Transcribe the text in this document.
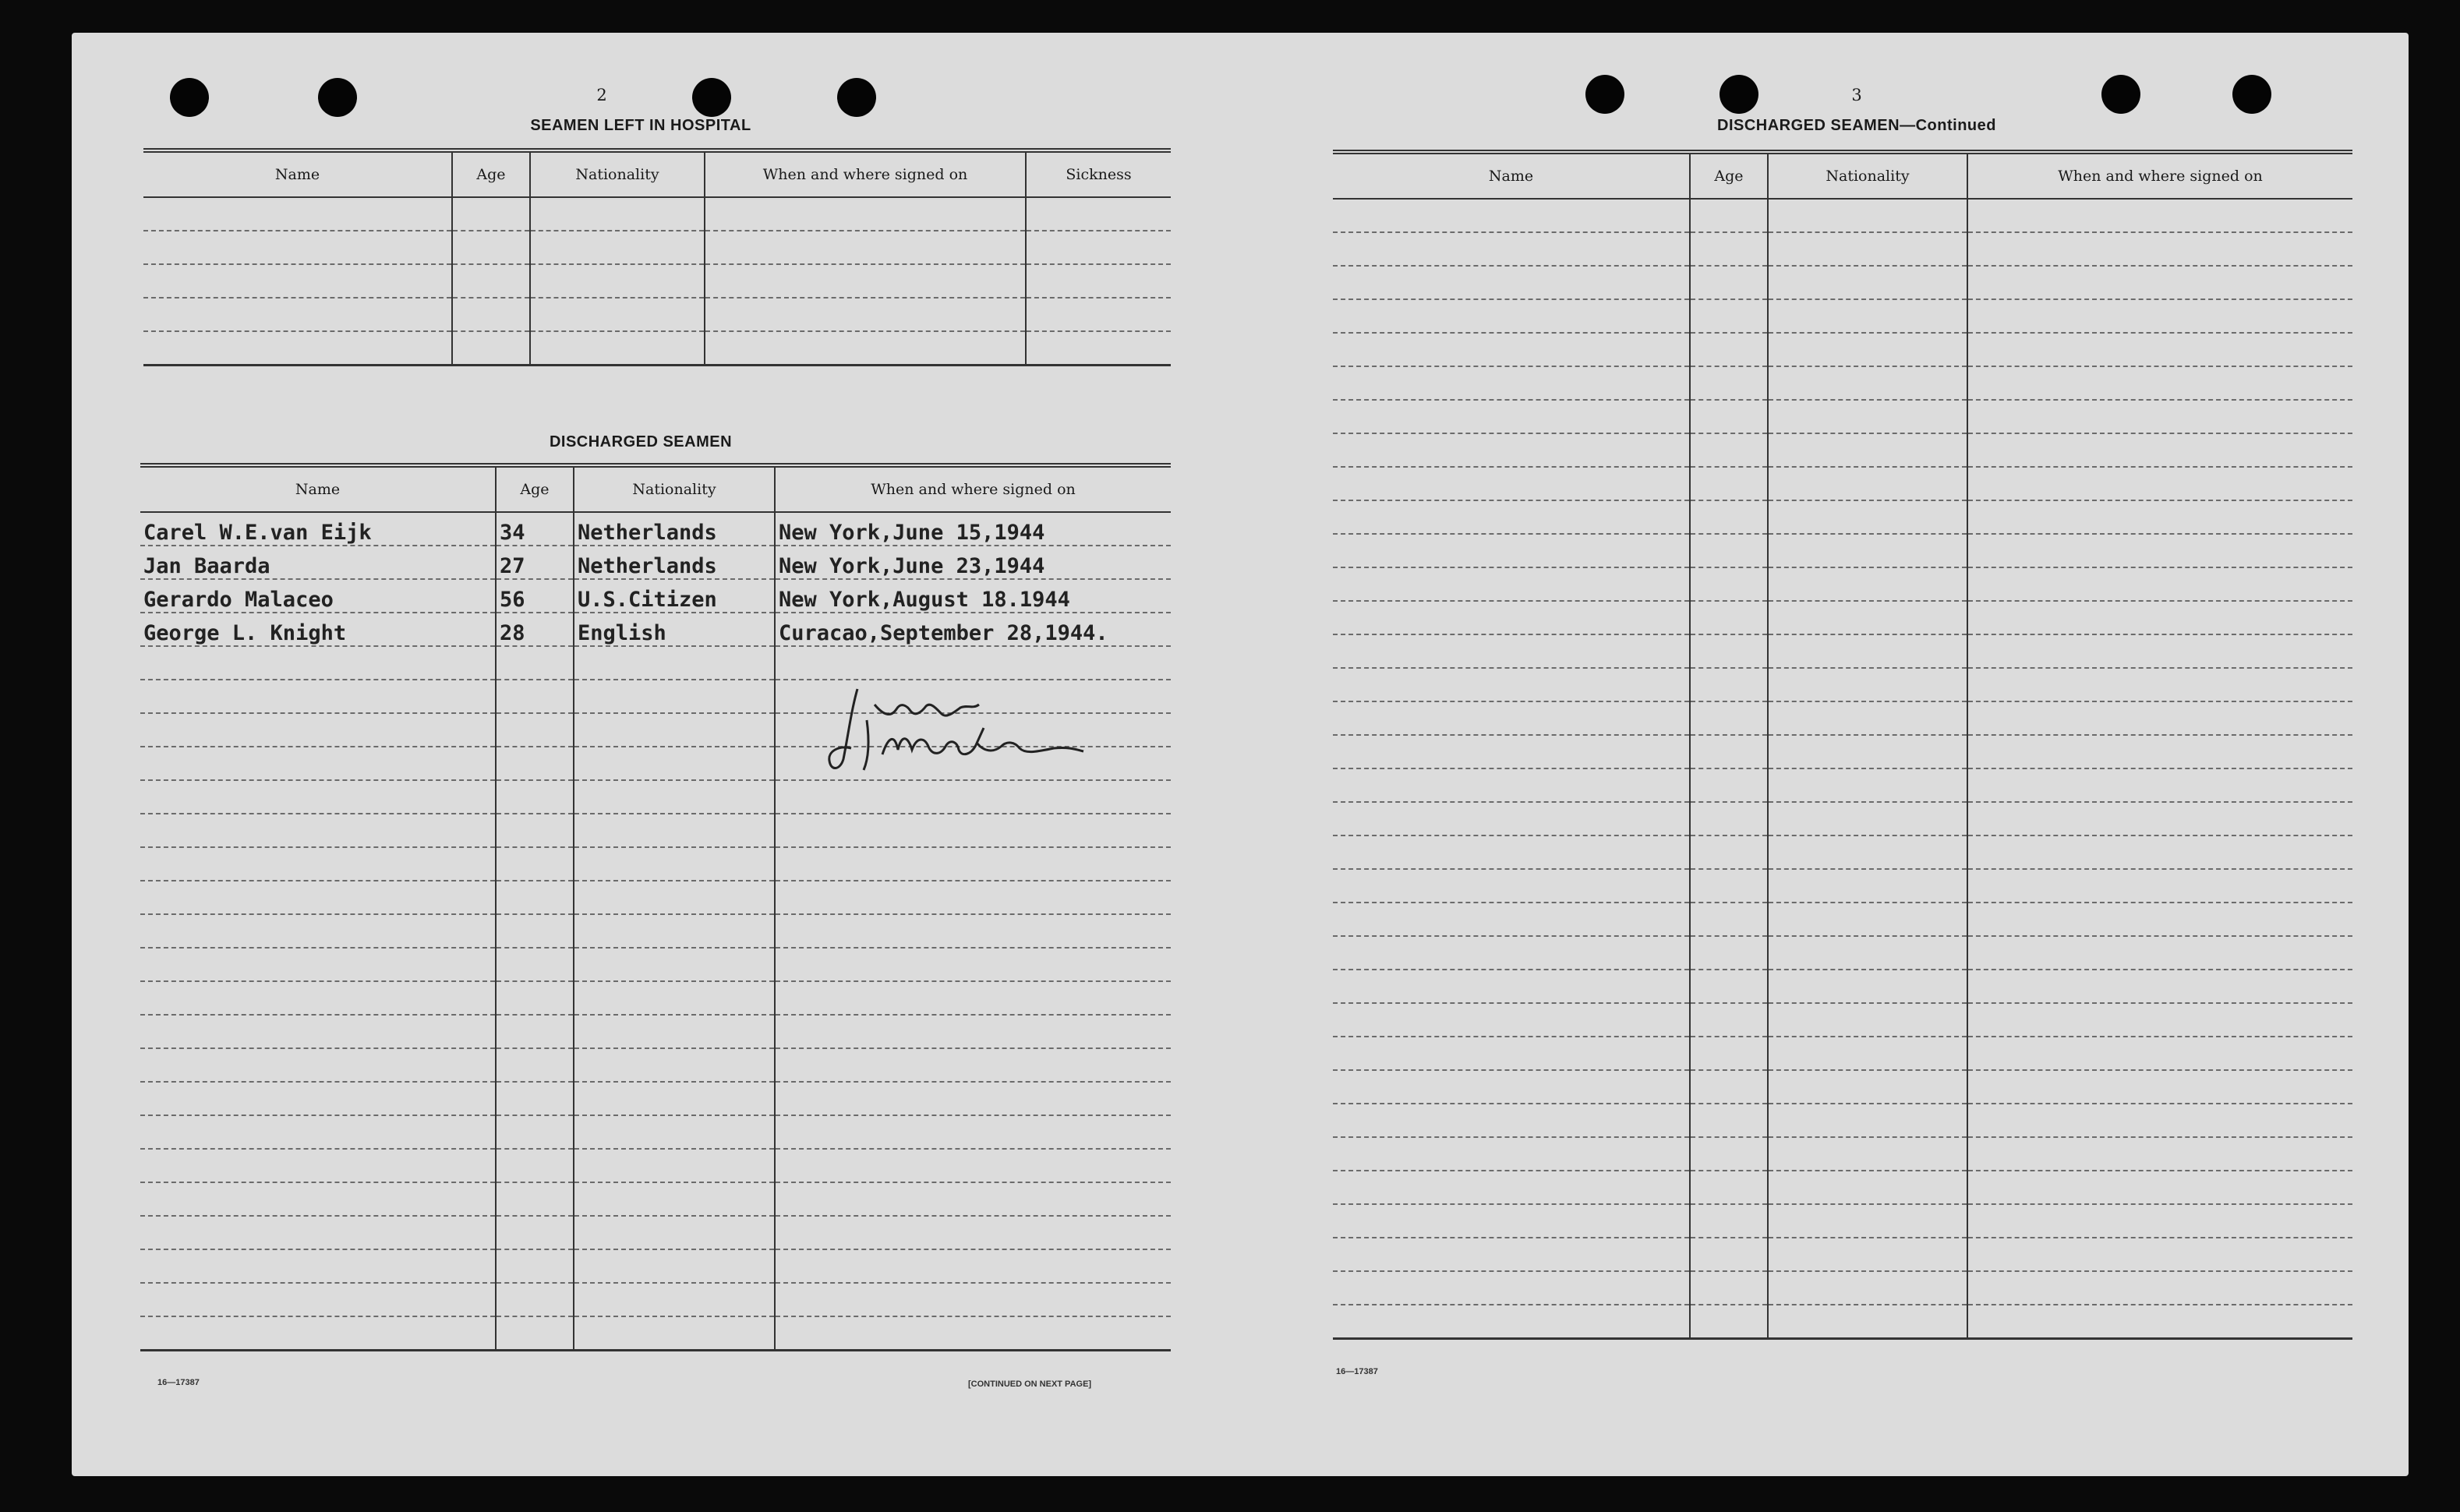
2
SEAMEN LEFT IN HOSPITAL
Name	Age	Nationality	When and where signed on	Sickness

DISCHARGED SEAMEN
Name	Age	Nationality	When and where signed on
Carel W.E.van Eijk	34	Netherlands	New York,June 15,1944
Jan Baarda	27	Netherlands	New York,June 23,1944
Gerardo Malaceo	56	U.S.Citizen	New York,August 18.1944
George L. Knight	28	English	Curacao,September 28,1944.

16—17387	[CONTINUED ON NEXT PAGE]
3
DISCHARGED SEAMEN—Continued
Name	Age	Nationality	When and where signed on

16—17387
